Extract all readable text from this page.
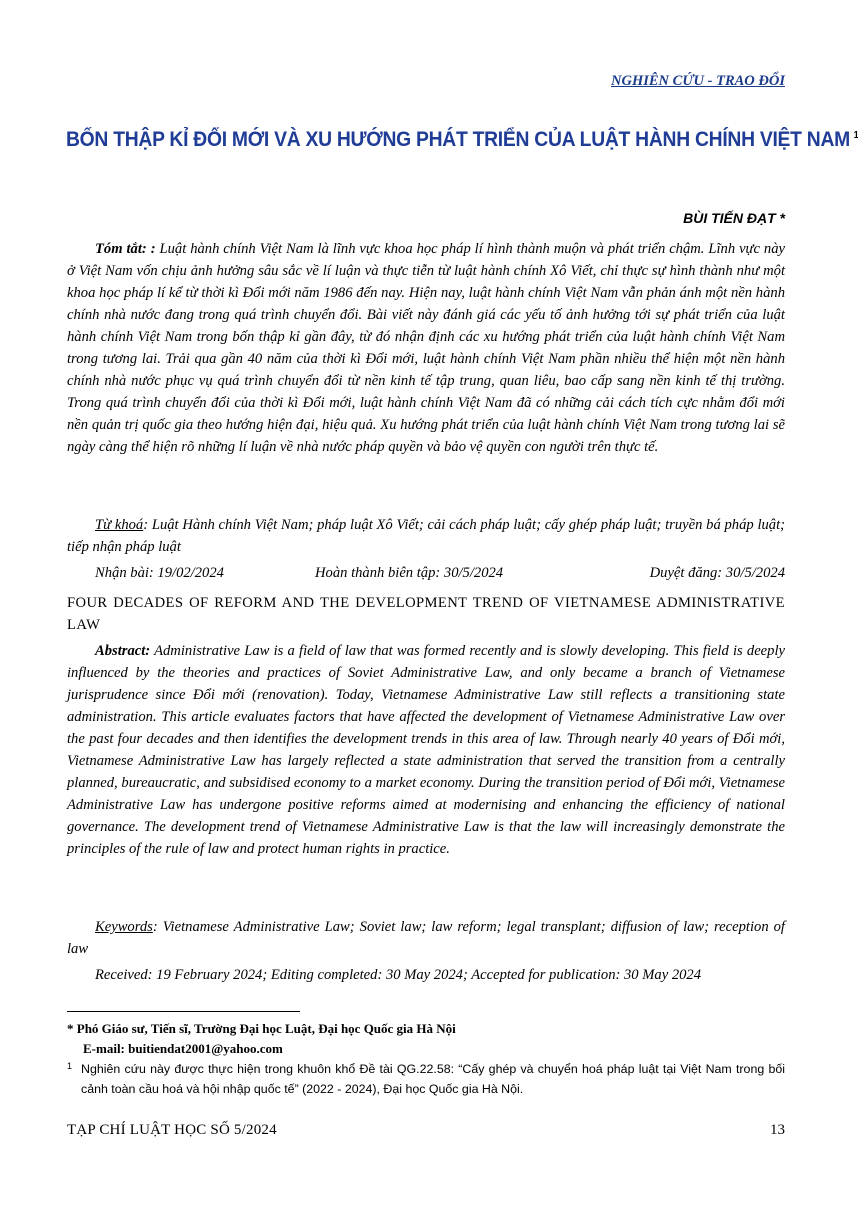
NGHIÊN CỨU - TRAO ĐỔI
BỐN THẬP KỈ ĐỔI MỚI VÀ XU HƯỚNG PHÁT TRIỂN CỦA LUẬT HÀNH CHÍNH VIỆT NAM $^1$
BÙI TIẾN ĐẠT *

Tóm tắt: : Luật hành chính Việt Nam là lĩnh vực khoa học pháp lí hình thành muộn và phát triển chậm. Lĩnh vực này ở Việt Nam vốn chịu ảnh hưởng sâu sắc về lí luận và thực tiễn từ luật hành chính Xô Viết, chỉ thực sự hình thành như một khoa học pháp lí kể từ thời kì Đổi mới năm 1986 đến nay. Hiện nay, luật hành chính Việt Nam vẫn phản ánh một nền hành chính nhà nước đang trong quá trình chuyển đổi. Bài viết này đánh giá các yếu tố ảnh hưởng tới sự phát triển của luật hành chính Việt Nam trong bốn thập kỉ gần đây, từ đó nhận định các xu hướng phát triển của luật hành chính Việt Nam trong tương lai. Trải qua gần 40 năm của thời kì Đổi mới, luật hành chính Việt Nam phần nhiều thể hiện một nền hành chính nhà nước phục vụ quá trình chuyển đổi từ nền kinh tế tập trung, quan liêu, bao cấp sang nền kinh tế thị trường. Trong quá trình chuyển đổi của thời kì Đổi mới, luật hành chính Việt Nam đã có những cải cách tích cực nhằm đổi mới nền quản trị quốc gia theo hướng hiện đại, hiệu quả. Xu hướng phát triển của luật hành chính Việt Nam trong tương lai sẽ ngày càng thể hiện rõ những lí luận về nhà nước pháp quyền và bảo vệ quyền con người trên thực tế.

Từ khoá: Luật Hành chính Việt Nam; pháp luật Xô Viết; cải cách pháp luật; cấy ghép pháp luật; truyền bá pháp luật; tiếp nhận pháp luật

Nhận bài: 19/02/2024	Hoàn thành biên tập: 30/5/2024	Duyệt đăng: 30/5/2024
FOUR DECADES OF REFORM AND THE DEVELOPMENT TREND OF VIETNAMESE ADMINISTRATIVE LAW

Abstract: Administrative Law is a field of law that was formed recently and is slowly developing. This field is deeply influenced by the theories and practices of Soviet Administrative Law, and only became a branch of Vietnamese jurisprudence since Đổi mới (renovation). Today, Vietnamese Administrative Law still reflects a transitioning state administration. This article evaluates factors that have affected the development of Vietnamese Administrative Law over the past four decades and then identifies the development trends in this area of law. Through nearly 40 years of Đổi mới, Vietnamese Administrative Law has largely reflected a state administration that served the transition from a centrally planned, bureaucratic, and subsidised economy to a market economy. During the transition period of Đổi mới, Vietnamese Administrative Law has undergone positive reforms aimed at modernising and enhancing the efficiency of national governance. The development trend of Vietnamese Administrative Law is that the law will increasingly demonstrate the principles of the rule of law and protect human rights in practice.

Keywords: Vietnamese Administrative Law; Soviet law; law reform; legal transplant; diffusion of law; reception of law

Received: 19 February 2024; Editing completed: 30 May 2024; Accepted for publication: 30 May 2024

* Phó Giáo sư, Tiến sĩ, Trường Đại học Luật, Đại học Quốc gia Hà Nội
E-mail: buitiendat2001@yahoo.com
1 Nghiên cứu này được thực hiện trong khuôn khổ Đề tài QG.22.58: “Cấy ghép và chuyển hoá pháp luật tại Việt Nam trong bối cảnh toàn cầu hoá và hội nhập quốc tế” (2022 - 2024), Đại học Quốc gia Hà Nội.
TẠP CHÍ LUẬT HỌC SỐ 5/2024	13
